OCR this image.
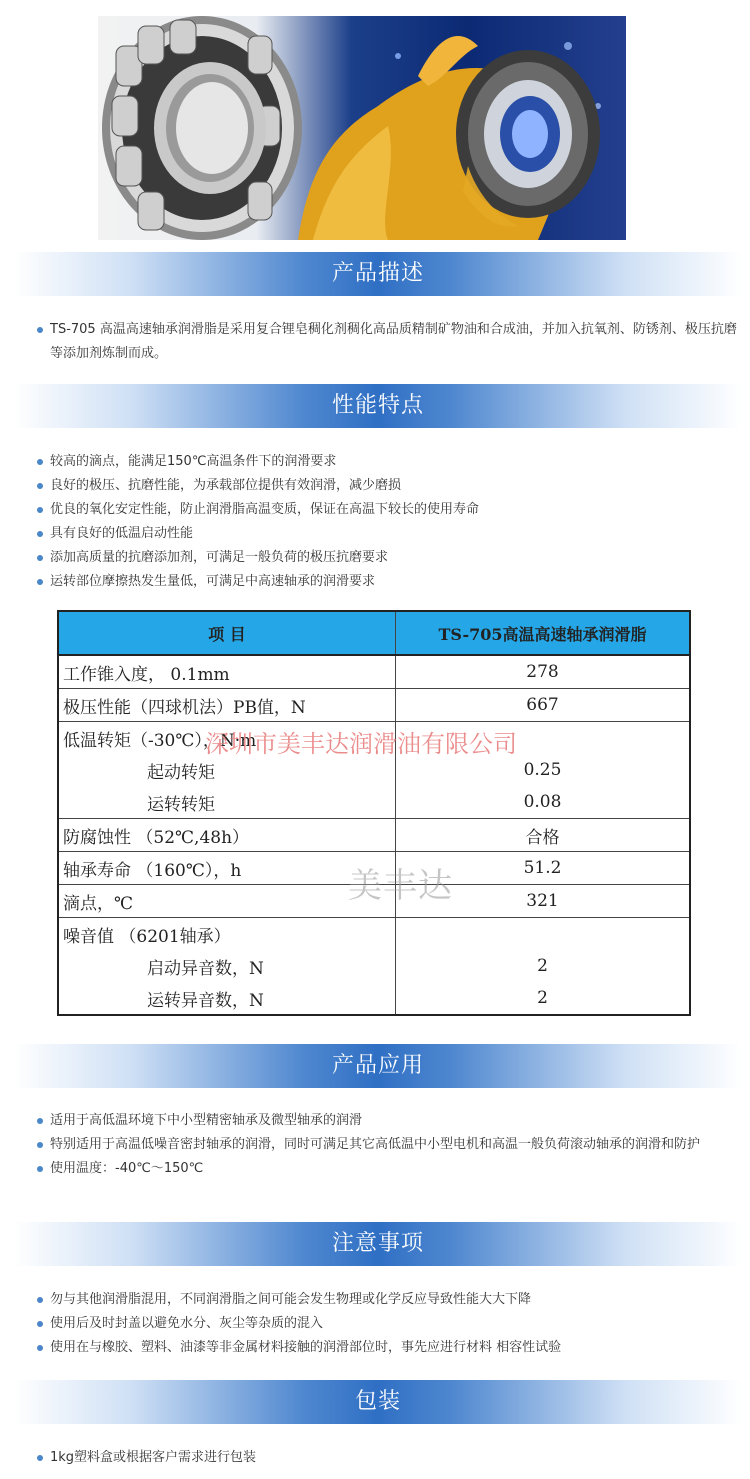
产品描述
TS-705 高温高速轴承润滑脂是采用复合锂皂稠化剂稠化高品质精制矿物油和合成油，并加入抗氧剂、防锈剂、极压抗磨等添加剂炼制而成。
性能特点
较高的滴点，能满足150℃高温条件下的润滑要求
良好的极压、抗磨性能，为承载部位提供有效润滑，减少磨损
优良的氧化安定性能，防止润滑脂高温变质，保证在高温下较长的使用寿命
具有良好的低温启动性能
添加高质量的抗磨添加剂，可满足一般负荷的极压抗磨要求
运转部位摩擦热发生量低，可满足中高速轴承的润滑要求
项 目	TS-705高温高速轴承润滑脂
工作锥入度， 0.1mm	278
极压性能（四球机法）PB值，N	667
低温转矩（-30℃），N·m	
起动转矩	0.25
运转转矩	0.08
防腐蚀性 （52℃,48h）	合格
轴承寿命 （160℃），h	51.2
滴点，℃	321
噪音值 （6201轴承）	
启动异音数，N	2
运转异音数，N	2
深圳市美丰达润滑油有限公司
美丰达
产品应用
适用于高低温环境下中小型精密轴承及微型轴承的润滑
特别适用于高温低噪音密封轴承的润滑，同时可满足其它高低温中小型电机和高温一般负荷滚动轴承的润滑和防护
使用温度：-40℃～150℃
注意事项
勿与其他润滑脂混用，不同润滑脂之间可能会发生物理或化学反应导致性能大大下降
使用后及时封盖以避免水分、灰尘等杂质的混入
使用在与橡胶、塑料、油漆等非金属材料接触的润滑部位时，事先应进行材料 相容性试验
包装
1kg塑料盒或根据客户需求进行包装
